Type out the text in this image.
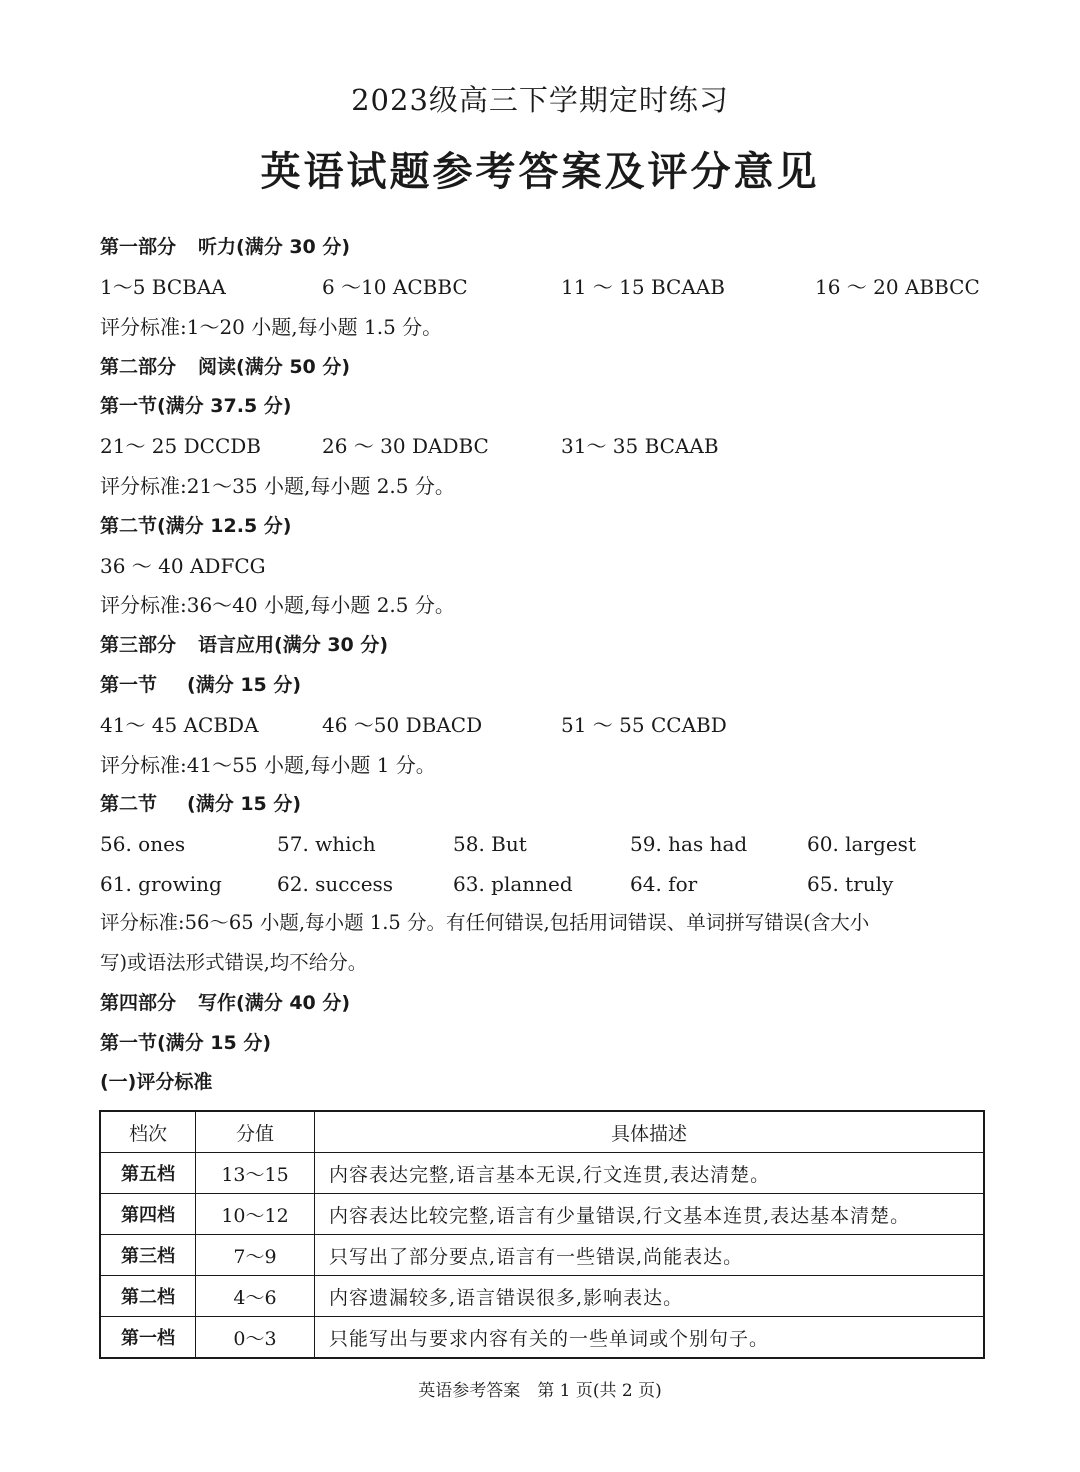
2023级高三下学期定时练习
英语试题参考答案及评分意见
第一部分 听力(满分 30 分)
1～5 BCBAA	6 ～10 ACBBC	11 ～ 15 BCAAB	16 ～ 20 ABBCC
评分标准:1～20 小题,每小题 1.5 分。
第二部分 阅读(满分 50 分)
第一节(满分 37.5 分)
21～ 25 DCCDB	26 ～ 30 DADBC	31～ 35 BCAAB
评分标准:21～35 小题,每小题 2.5 分。
第二节(满分 12.5 分)
36 ～ 40 ADFCG
评分标准:36～40 小题,每小题 2.5 分。
第三部分 语言应用(满分 30 分)
第一节 (满分 15 分)
41～ 45 ACBDA	46 ～50 DBACD	51 ～ 55 CCABD
评分标准:41～55 小题,每小题 1 分。
第二节 (满分 15 分)
56. ones	57. which	58. But	59. has had	60. largest
61. growing	62. success	63. planned	64. for	65. truly
评分标准:56～65 小题,每小题 1.5 分。有任何错误,包括用词错误、单词拼写错误(含大小
写)或语法形式错误,均不给分。
第四部分 写作(满分 40 分)
第一节(满分 15 分)
(一)评分标准
档次	分值	具体描述
第五档	13～15	内容表达完整,语言基本无误,行文连贯,表达清楚。
第四档	10～12	内容表达比较完整,语言有少量错误,行文基本连贯,表达基本清楚。
第三档	7～9	只写出了部分要点,语言有一些错误,尚能表达。
第二档	4～6	内容遗漏较多,语言错误很多,影响表达。
第一档	0～3	只能写出与要求内容有关的一些单词或个别句子。
英语参考答案　第 1 页(共 2 页)
